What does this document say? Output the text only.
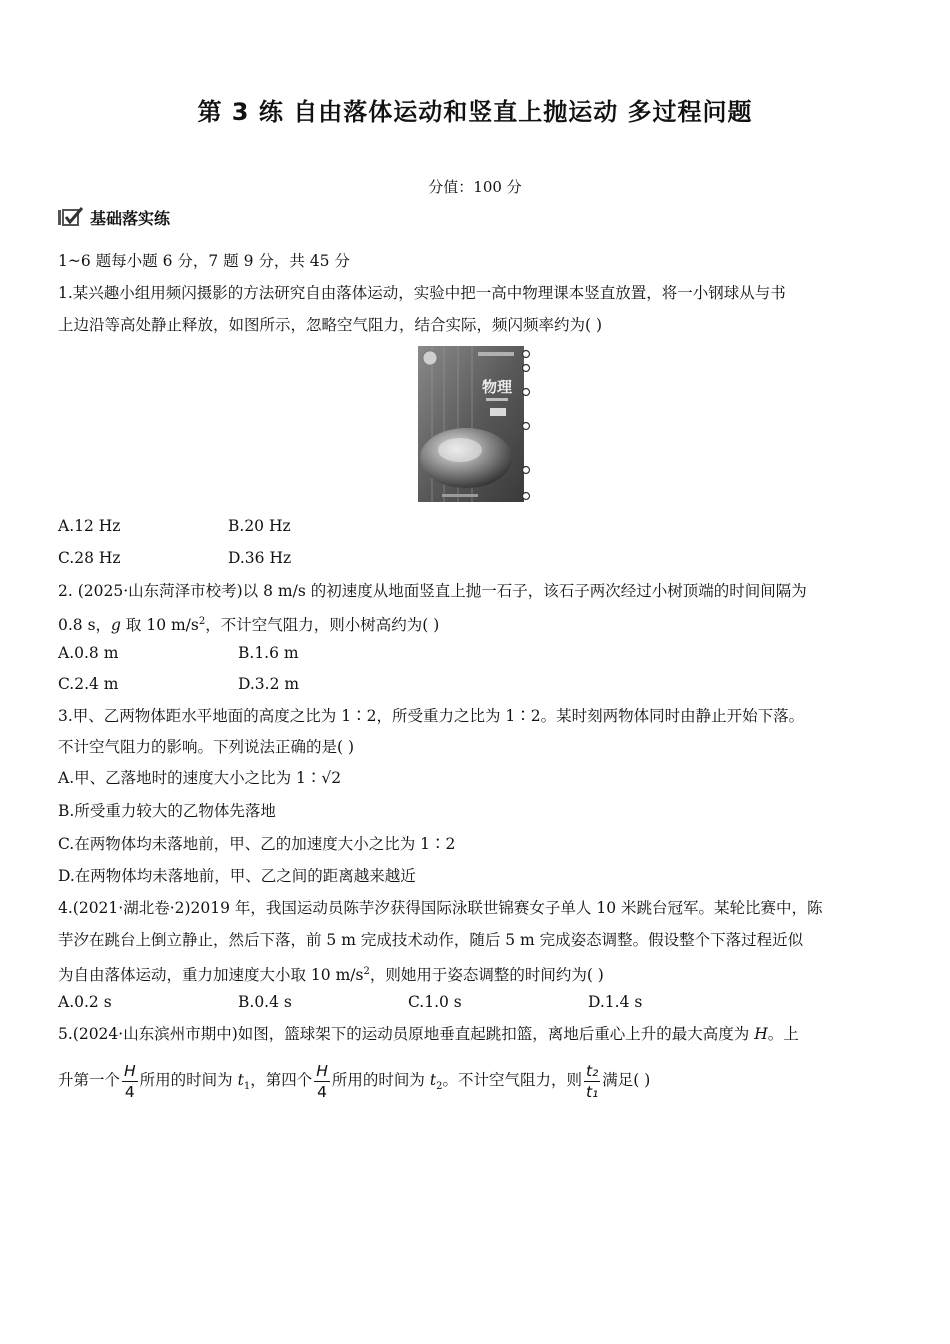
第 3 练 自由落体运动和竖直上抛运动 多过程问题
分值：100 分
基础落实练
1~6 题每小题 6 分，7 题 9 分，共 45 分
1.某兴趣小组用频闪摄影的方法研究自由落体运动，实验中把一高中物理课本竖直放置，将一小钢球从与书
上边沿等高处静止释放，如图所示，忽略空气阻力，结合实际，频闪频率约为( )
物理
A.12 Hz	B.20 Hz
C.28 Hz	D.36 Hz
2. (2025·山东菏泽市校考)以 8 m/s 的初速度从地面竖直上抛一石子，该石子两次经过小树顶端的时间间隔为
0.8 s，g 取 10 $m/s^2$，不计空气阻力，则小树高约为( )
A.0.8 m	B.1.6 m
C.2.4 m	D.3.2 m
3.甲、乙两物体距水平地面的高度之比为 1∶2，所受重力之比为 1∶2。某时刻两物体同时由静止开始下落。
不计空气阻力的影响。下列说法正确的是( )
A.甲、乙落地时的速度大小之比为 1∶√2
B.所受重力较大的乙物体先落地
C.在两物体均未落地前，甲、乙的加速度大小之比为 1∶2
D.在两物体均未落地前，甲、乙之间的距离越来越近
4.(2021·湖北卷·2)2019 年，我国运动员陈芋汐获得国际泳联世锦赛女子单人 10 米跳台冠军。某轮比赛中，陈
芋汐在跳台上倒立静止，然后下落，前 5 m 完成技术动作，随后 5 m 完成姿态调整。假设整个下落过程近似
为自由落体运动，重力加速度大小取 10 $m/s^2$，则她用于姿态调整的时间约为( )
A.0.2 s	B.0.4 s	C.1.0 s	D.1.4 s
5.(2024·山东滨州市期中)如图，篮球架下的运动员原地垂直起跳扣篮，离地后重心上升的最大高度为 H。上
升第一个 $\frac{H}{4}$ 所用的时间为 $t_1$，第四个 $\frac{H}{4}$ 所用的时间为 $t_2$。不计空气阻力，则 $\frac{\text{t₂}}{\text{t₁}}$ 满足( )
